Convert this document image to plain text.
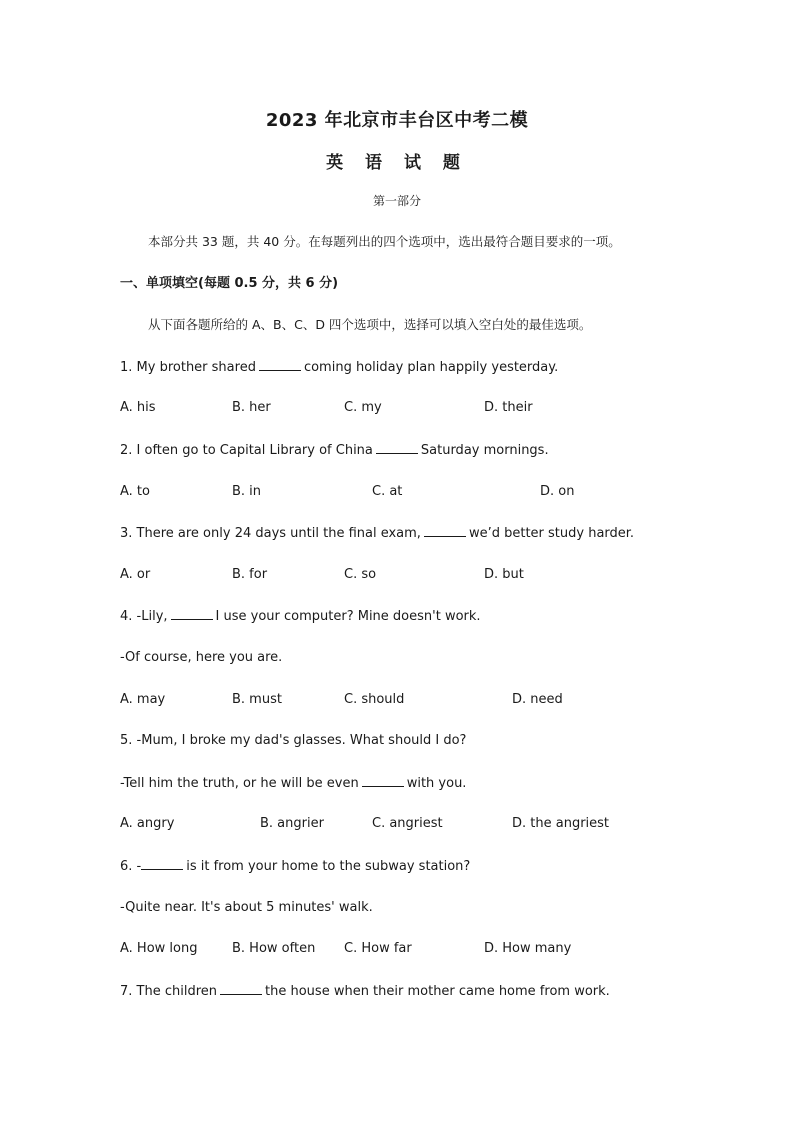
2023 年北京市丰台区中考二模
英 语 试 题
第一部分
本部分共 33 题，共 40 分。在每题列出的四个选项中，选出最符合题目要求的一项。
一、单项填空(每题 0.5 分，共 6 分)
从下面各题所给的 A、B、C、D 四个选项中，选择可以填入空白处的最佳选项。
1. My brother shared	coming holiday plan happily yesterday.
A. his	B. her	C. my	D. their
2. I often go to Capital Library of China	Saturday mornings.
A. to	B. in	C. at	D. on
3. There are only 24 days until the final exam,	we’d better study harder.
A. or	B. for	C. so	D. but
4. -Lily,	I use your computer? Mine doesn't work.
-Of course, here you are.
A. may	B. must	C. should	D. need
5. -Mum, I broke my dad's glasses. What should I do?
-Tell him the truth, or he will be even	with you.
A. angry	B. angrier	C. angriest	D. the angriest
6. -	is it from your home to the subway station?
-Quite near. It's about 5 minutes' walk.
A. How long	B. How often C. How far	D. How many
7. The children	the house when their mother came home from work.
